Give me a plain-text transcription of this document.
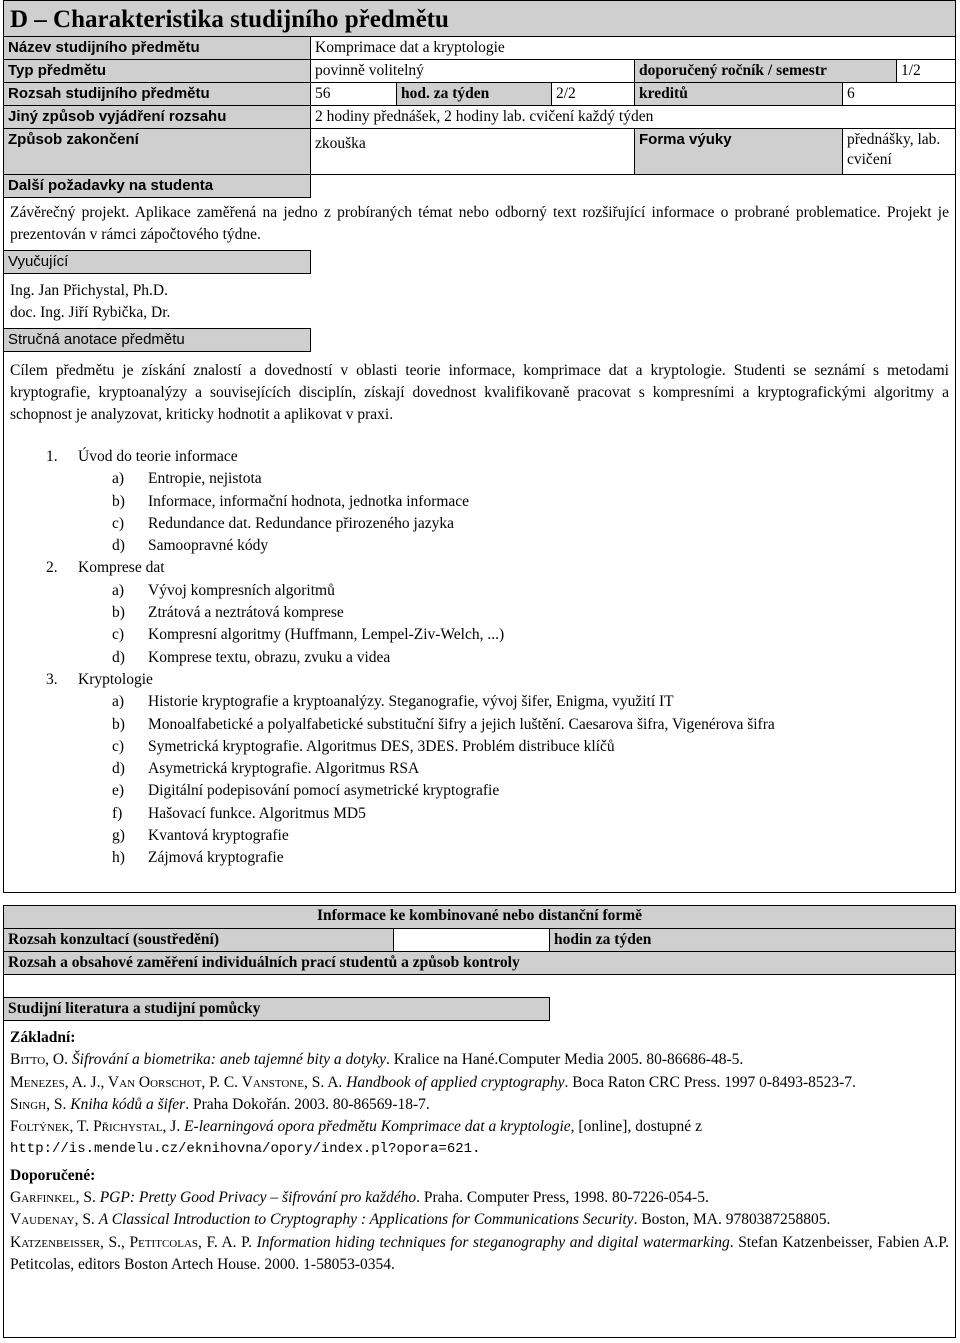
D – Charakteristika studijního předmětu
Název studijního předmětu	Komprimace dat a kryptologie
Typ předmětu	povinně volitelný	doporučený ročník / semestr	1/2
Rozsah studijního předmětu	56	hod. za týden	2/2	kreditů	6
Jiný způsob vyjádření rozsahu	2 hodiny přednášek, 2 hodiny lab. cvičení každý týden
Způsob zakončení	zkouška	Forma výuky	přednášky, lab. cvičení
Další požadavky na studenta

Závěrečný projekt. Aplikace zaměřená na jedno z probíraných témat nebo odborný text rozšiřující informace o probrané problematice. Projekt je prezentován v rámci zápočtového týdne.

Vyučující
Ing. Jan Přichystal, Ph.D.
doc. Ing. Jiří Rybička, Dr.
Stručná anotace předmětu

Cílem předmětu je získání znalostí a dovedností v oblasti teorie informace, komprimace dat a kryptologie. Studenti se seznámí s metodami kryptografie, kryptoanalýzy a souvisejících disciplín, získají dovednost kvalifikovaně pracovat s kompresními a kryptografickými algoritmy a schopnost je analyzovat, kriticky hodnotit a aplikovat v praxi.

1. Úvod do teorie informace
a) Entropie, nejistota
b) Informace, informační hodnota, jednotka informace
c) Redundance dat. Redundance přirozeného jazyka
d) Samoopravné kódy
2. Komprese dat
a) Vývoj kompresních algoritmů
b) Ztrátová a neztrátová komprese
c) Kompresní algoritmy (Huffmann, Lempel-Ziv-Welch, ...)
d) Komprese textu, obrazu, zvuku a videa
3. Kryptologie
a) Historie kryptografie a kryptoanalýzy. Steganografie, vývoj šifer, Enigma, využití IT
b) Monoalfabetické a polyalfabetické substituční šifry a jejich luštění. Caesarova šifra, Vigenérova šifra
c) Symetrická kryptografie. Algoritmus DES, 3DES. Problém distribuce klíčů
d) Asymetrická kryptografie. Algoritmus RSA
e) Digitální podepisování pomocí asymetrické kryptografie
f) Hašovací funkce. Algoritmus MD5
g) Kvantová kryptografie
h) Zájmová kryptografie
Informace ke kombinované nebo distanční formě
Rozsah konzultací (soustředění)	hodin za týden
Rozsah a obsahové zaměření individuálních prací studentů a způsob kontroly
Studijní literatura a studijní pomůcky
Základní:
Bitto, O. Šifrování a biometrika: aneb tajemné bity a dotyky. Kralice na Hané.Computer Media 2005. 80-86686-48-5.
Menezes, A. J., Van Oorschot, P. C. Vanstone, S. A. Handbook of applied cryptography. Boca Raton CRC Press. 1997 0-8493-8523-7.
Singh, S. Kniha kódů a šifer. Praha Dokořán. 2003. 80-86569-18-7.
Foltýnek, T. Přichystal, J. E-learningová opora předmětu Komprimace dat a kryptologie, [online], dostupné z
http://is.mendelu.cz/eknihovna/opory/index.pl?opora=621.
Doporučené:
Garfinkel, S. PGP: Pretty Good Privacy – šifrování pro každého. Praha. Computer Press, 1998. 80-7226-054-5.
Vaudenay, S. A Classical Introduction to Cryptography : Applications for Communications Security. Boston, MA. 9780387258805.
Katzenbeisser, S., Petitcolas, F. A. P. Information hiding techniques for steganography and digital watermarking. Stefan Katzenbeisser, Fabien A.P. Petitcolas, editors Boston Artech House. 2000. 1-58053-0354.
